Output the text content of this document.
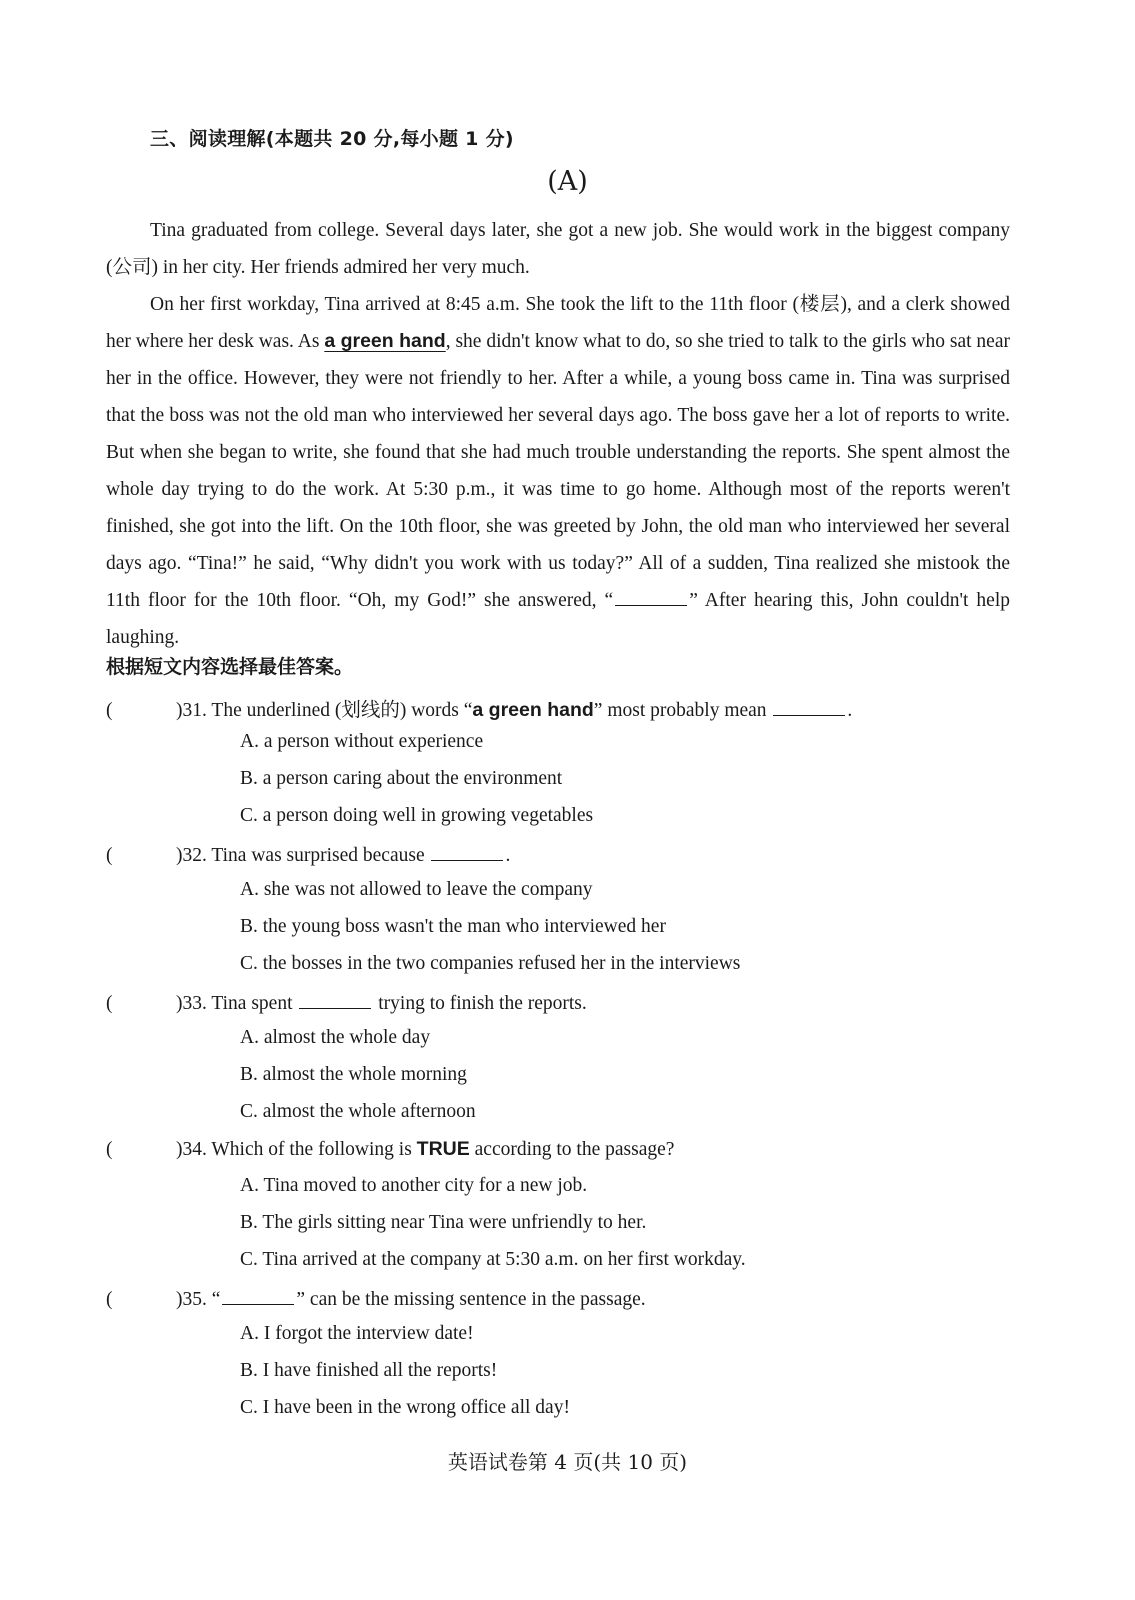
三、阅读理解(本题共 20 分,每小题 1 分)
(A)

Tina graduated from college. Several days later, she got a new job. She would work in the biggest company (公司) in her city. Her friends admired her very much.

On her first workday, Tina arrived at 8:45 a.m. She took the lift to the 11th floor (楼层), and a clerk showed her where her desk was. As a green hand, she didn't know what to do, so she tried to talk to the girls who sat near her in the office. However, they were not friendly to her. After a while, a young boss came in. Tina was surprised that the boss was not the old man who interviewed her several days ago. The boss gave her a lot of reports to write. But when she began to write, she found that she had much trouble understanding the reports. She spent almost the whole day trying to do the work. At 5:30 p.m., it was time to go home. Although most of the reports weren't finished, she got into the lift. On the 10th floor, she was greeted by John, the old man who interviewed her several days ago. “Tina!” he said, “Why didn't you work with us today?” All of a sudden, Tina realized she mistook the 11th floor for the 10th floor. “Oh, my God!” she answered, “	” After hearing this, John couldn't help laughing.

根据短文内容选择最佳答案。
(	)31. The underlined (划线的) words “a green hand” most probably mean	.
A. a person without experience
B. a person caring about the environment
C. a person doing well in growing vegetables
(	)32. Tina was surprised because	.
A. she was not allowed to leave the company
B. the young boss wasn't the man who interviewed her
C. the bosses in the two companies refused her in the interviews
(	)33. Tina spent	trying to finish the reports.
A. almost the whole day
B. almost the whole morning
C. almost the whole afternoon
(	)34. Which of the following is TRUE according to the passage?
A. Tina moved to another city for a new job.
B. The girls sitting near Tina were unfriendly to her.
C. Tina arrived at the company at 5:30 a.m. on her first workday.
(	)35. “	” can be the missing sentence in the passage.
A. I forgot the interview date!
B. I have finished all the reports!
C. I have been in the wrong office all day!
英语试卷第 4 页(共 10 页)
